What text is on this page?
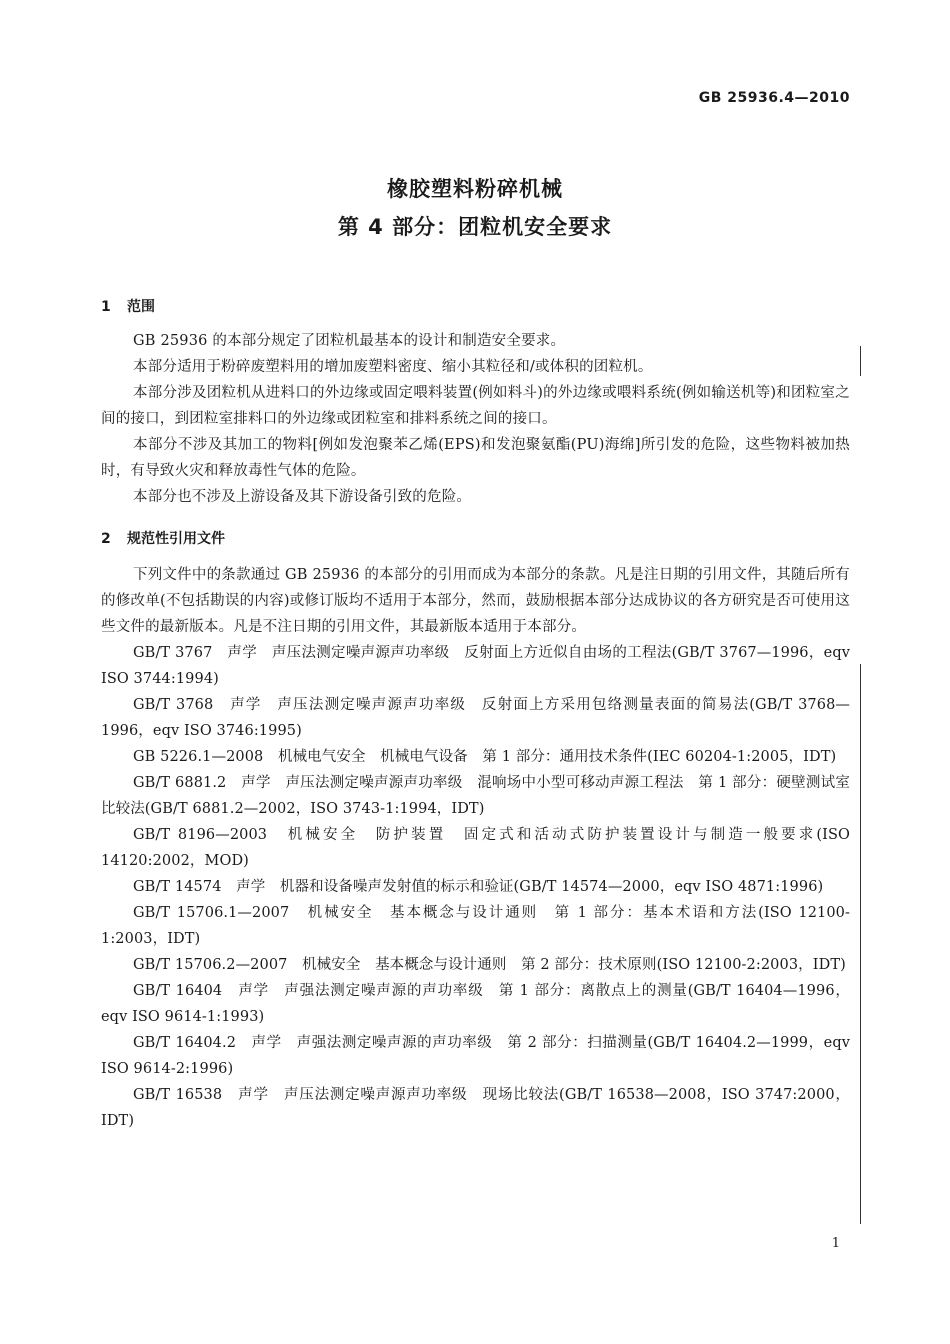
GB 25936.4—2010
橡胶塑料粉碎机械
第 4 部分：团粒机安全要求
1 范围

GB 25936 的本部分规定了团粒机最基本的设计和制造安全要求。

本部分适用于粉碎废塑料用的增加废塑料密度、缩小其粒径和/或体积的团粒机。

本部分涉及团粒机从进料口的外边缘或固定喂料装置(例如料斗)的外边缘或喂料系统(例如输送机等)和团粒室之间的接口，到团粒室排料口的外边缘或团粒室和排料系统之间的接口。

本部分不涉及其加工的物料[例如发泡聚苯乙烯(EPS)和发泡聚氨酯(PU)海绵]所引发的危险，这些物料被加热时，有导致火灾和释放毒性气体的危险。

本部分也不涉及上游设备及其下游设备引致的危险。

2 规范性引用文件

下列文件中的条款通过 GB 25936 的本部分的引用而成为本部分的条款。凡是注日期的引用文件，其随后所有的修改单(不包括勘误的内容)或修订版均不适用于本部分，然而，鼓励根据本部分达成协议的各方研究是否可使用这些文件的最新版本。凡是不注日期的引用文件，其最新版本适用于本部分。

GB/T 3767　声学　声压法测定噪声源声功率级　反射面上方近似自由场的工程法(GB/T 3767—1996，eqv ISO 3744:1994)

GB/T 3768　声学　声压法测定噪声源声功率级　反射面上方采用包络测量表面的简易法(GB/T 3768—1996，eqv ISO 3746:1995)

GB 5226.1—2008　机械电气安全　机械电气设备　第 1 部分：通用技术条件(IEC 60204-1:2005，IDT)

GB/T 6881.2　声学　声压法测定噪声源声功率级　混响场中小型可移动声源工程法　第 1 部分：硬壁测试室比较法(GB/T 6881.2—2002，ISO 3743-1:1994，IDT)

GB/T 8196—2003　机械安全　防护装置　固定式和活动式防护装置设计与制造一般要求(ISO 14120:2002，MOD)

GB/T 14574　声学　机器和设备噪声发射值的标示和验证(GB/T 14574—2000，eqv ISO 4871:1996)

GB/T 15706.1—2007　机械安全　基本概念与设计通则　第 1 部分：基本术语和方法(ISO 12100-1:2003，IDT)

GB/T 15706.2—2007　机械安全　基本概念与设计通则　第 2 部分：技术原则(ISO 12100-2:2003，IDT)

GB/T 16404　声学　声强法测定噪声源的声功率级　第 1 部分：离散点上的测量(GB/T 16404—1996，eqv ISO 9614-1:1993)

GB/T 16404.2　声学　声强法测定噪声源的声功率级　第 2 部分：扫描测量(GB/T 16404.2—1999，eqv ISO 9614-2:1996)

GB/T 16538　声学　声压法测定噪声源声功率级　现场比较法(GB/T 16538—2008，ISO 3747:2000，IDT)

1
